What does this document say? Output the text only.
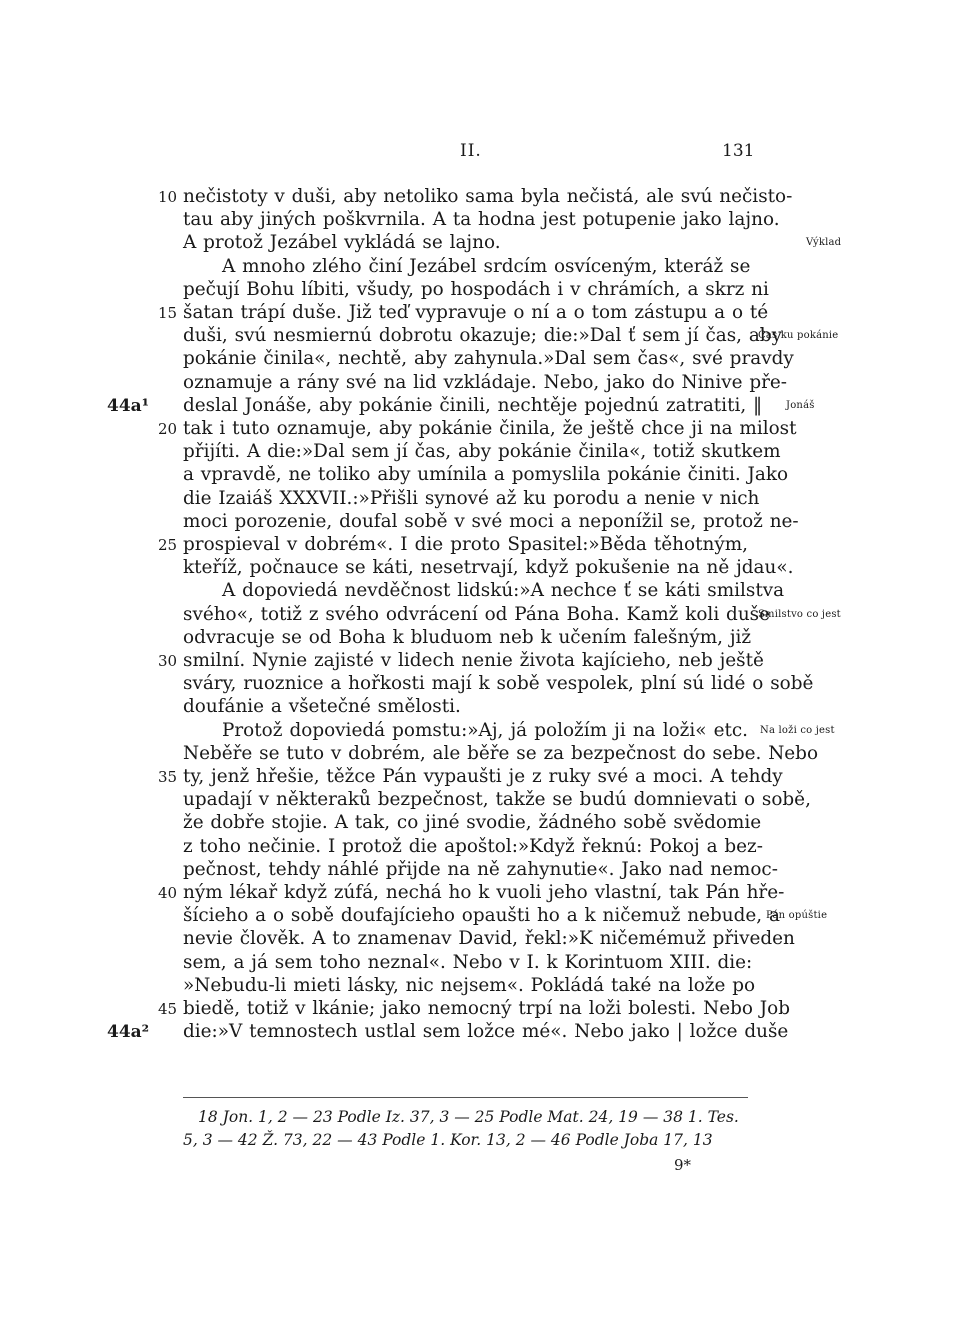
II.	131
nečistoty v duši, aby netoliko sama byla nečistá, ale svú nečisto-
10
tau aby jiných poškvrnila. A ta hodna jest potupenie jako lajno.
A protož Jezábel vykládá se lajno.
A mnoho zlého činí Jezábel srdcím osvíceným, kteráž se
pečují Bohu líbiti, všudy, po hospodách i v chrámích, a skrz ni
šatan trápí duše. Již teď vypravuje o ní a o tom zástupu a o té
15
duši, svú nesmiernú dobrotu okazuje; die:»Dal ť sem jí čas, aby
pokánie činila«, nechtě, aby zahynula.»Dal sem čas«, své pravdy
oznamuje a rány své na lid vzkládaje. Nebo, jako do Ninive pře-
deslal Jonáše, aby pokánie činili, nechtěje pojednú zatratiti, ‖
tak i tuto oznamuje, aby pokánie činila, že ještě chce ji na milost
20
přijíti. A die:»Dal sem jí čas, aby pokánie činila«, totiž skutkem
a vpravdě, ne toliko aby umínila a pomyslila pokánie činiti. Jako
die Izaiáš XXXVII.:»Přišli synové až ku porodu a nenie v nich
moci porozenie, doufal sobě v své moci a neponížil se, protož ne-
prospieval v dobrém«. I die proto Spasitel:»Běda těhotným,
25
kteříž, počnauce se káti, nesetrvají, když pokušenie na ně jdau«.
A dopoviedá nevděčnost lidskú:»A nechce ť se káti smilstva
svého«, totiž z svého odvrácení od Pána Boha. Kamž koli duše
odvracuje se od Boha k bluduom neb k učením falešným, již
smilní. Nynie zajisté v lidech nenie života kajícieho, neb ještě
30
sváry, ruoznice a hořkosti mají k sobě vespolek, plní sú lidé o sobě
doufánie a všetečné smělosti.
Protož dopoviedá pomstu:»Aj, já položím ji na loži« etc.
Neběře se tuto v dobrém, ale běře se za bezpečnost do sebe. Nebo
ty, jenž hřešie, těžce Pán vypaušti je z ruky své a moci. A tehdy
35
upadají v některaků bezpečnost, takže se budú domnievati o sobě,
že dobře stojie. A tak, co jiné svodie, žádného sobě svědomie
z toho nečinie. I protož die apoštol:»Když řeknú: Pokoj a bez-
pečnost, tehdy náhlé přijde na ně zahynutie«. Jako nad nemoc-
ným lékař když zúfá, nechá ho k vuoli jeho vlastní, tak Pán hře-
40
šícieho a o sobě doufajícieho opaušti ho a k ničemuž nebude, a
nevie člověk. A to znamenav David, řekl:»K ničemémuž přiveden
sem, a já sem toho neznal«. Nebo v I. k Korintuom XIII. die:
»Nebudu-li mieti lásky, nic nejsem«. Pokládá také na lože po
biedě, totiž v lkánie; jako nemocný trpí na loži bolesti. Nebo Job
45
die:»V temnostech ustlal sem ložce mé«. Nebo jako | ložce duše
44a¹
44a²
Výklad
Čas ku pokánie
Jonáš
Smilstvo co jest
Na loži co jest
Pán opúštie
18 Jon. 1, 2 — 23 Podle Iz. 37, 3 — 25 Podle Mat. 24, 19 — 38 1. Tes.
5, 3 — 42 Ž. 73, 22 — 43 Podle 1. Kor. 13, 2 — 46 Podle Joba 17, 13
9*
